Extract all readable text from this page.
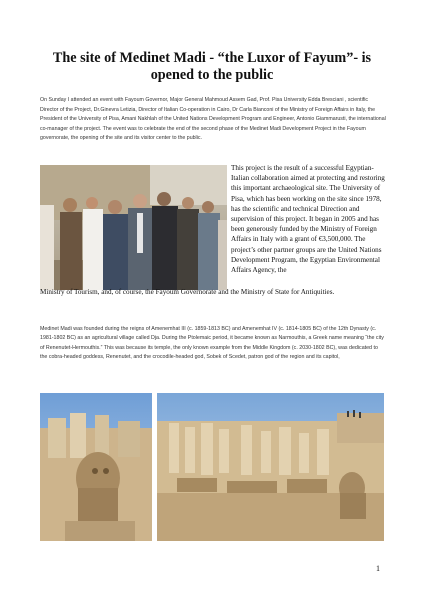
The site of Medinet Madi - “the Luxor of Fayum”- is opened to the public

On Sunday I attended an event with Fayoum Governor, Major General Mahmoud Assem Gad, Prof. Pisa University Edda Bresciani , scientific Director of the Project, Dr.Ginevra Letizia, Director of Italian Co-operation in Cairo, Dr Carla Bianconi of the Ministry of Foreign Affairs in Italy, the President of the University of Pisa, Amani Nakhlah of the United Nations Development Program and Engineer, Antonio Giammarusti, the international co-manager of the project. The event was to celebrate the end of the second phase of the Medinet Madi Development Project in the Fayoum governorate, the opening of the site and its visitor center to the public.

This project is the result of a successful Egyptian-Italian collaboration aimed at protecting and restoring this important archaeological site. The University of Pisa, which has been working on the site since 1978, has the scientific and technical Direction and supervision of this project. It began in 2005 and has been generously funded by the Ministry of Foreign Affairs in Italy with a grant of €3,500,000. The project’s other partner groups are the United Nations Development Program, the Egyptian Environmental Affairs Agency, the

Ministry of Tourism, and, of course, the Fayoum Governorate and the Ministry of State for Antiquities.

Medinet Madi was founded during the reigns of Amenemhat III (c. 1859-1813 BC) and Amenemhat IV (c. 1814-1805 BC) of the 12th Dynasty (c. 1981-1802 BC) as an agricultural village called Dja. During the Ptolemaic period, it became known as Narmouthis, a Greek name meaning “the city of Renenutet-Hermouthis.” This was because its temple, the only known example from the Middle Kingdom (c. 2030-1802 BC), was dedicated to the cobra-headed goddess, Renenutet, and the crocodile-headed god, Sobek of Scedet, patron god of the region and its capitol,

1
